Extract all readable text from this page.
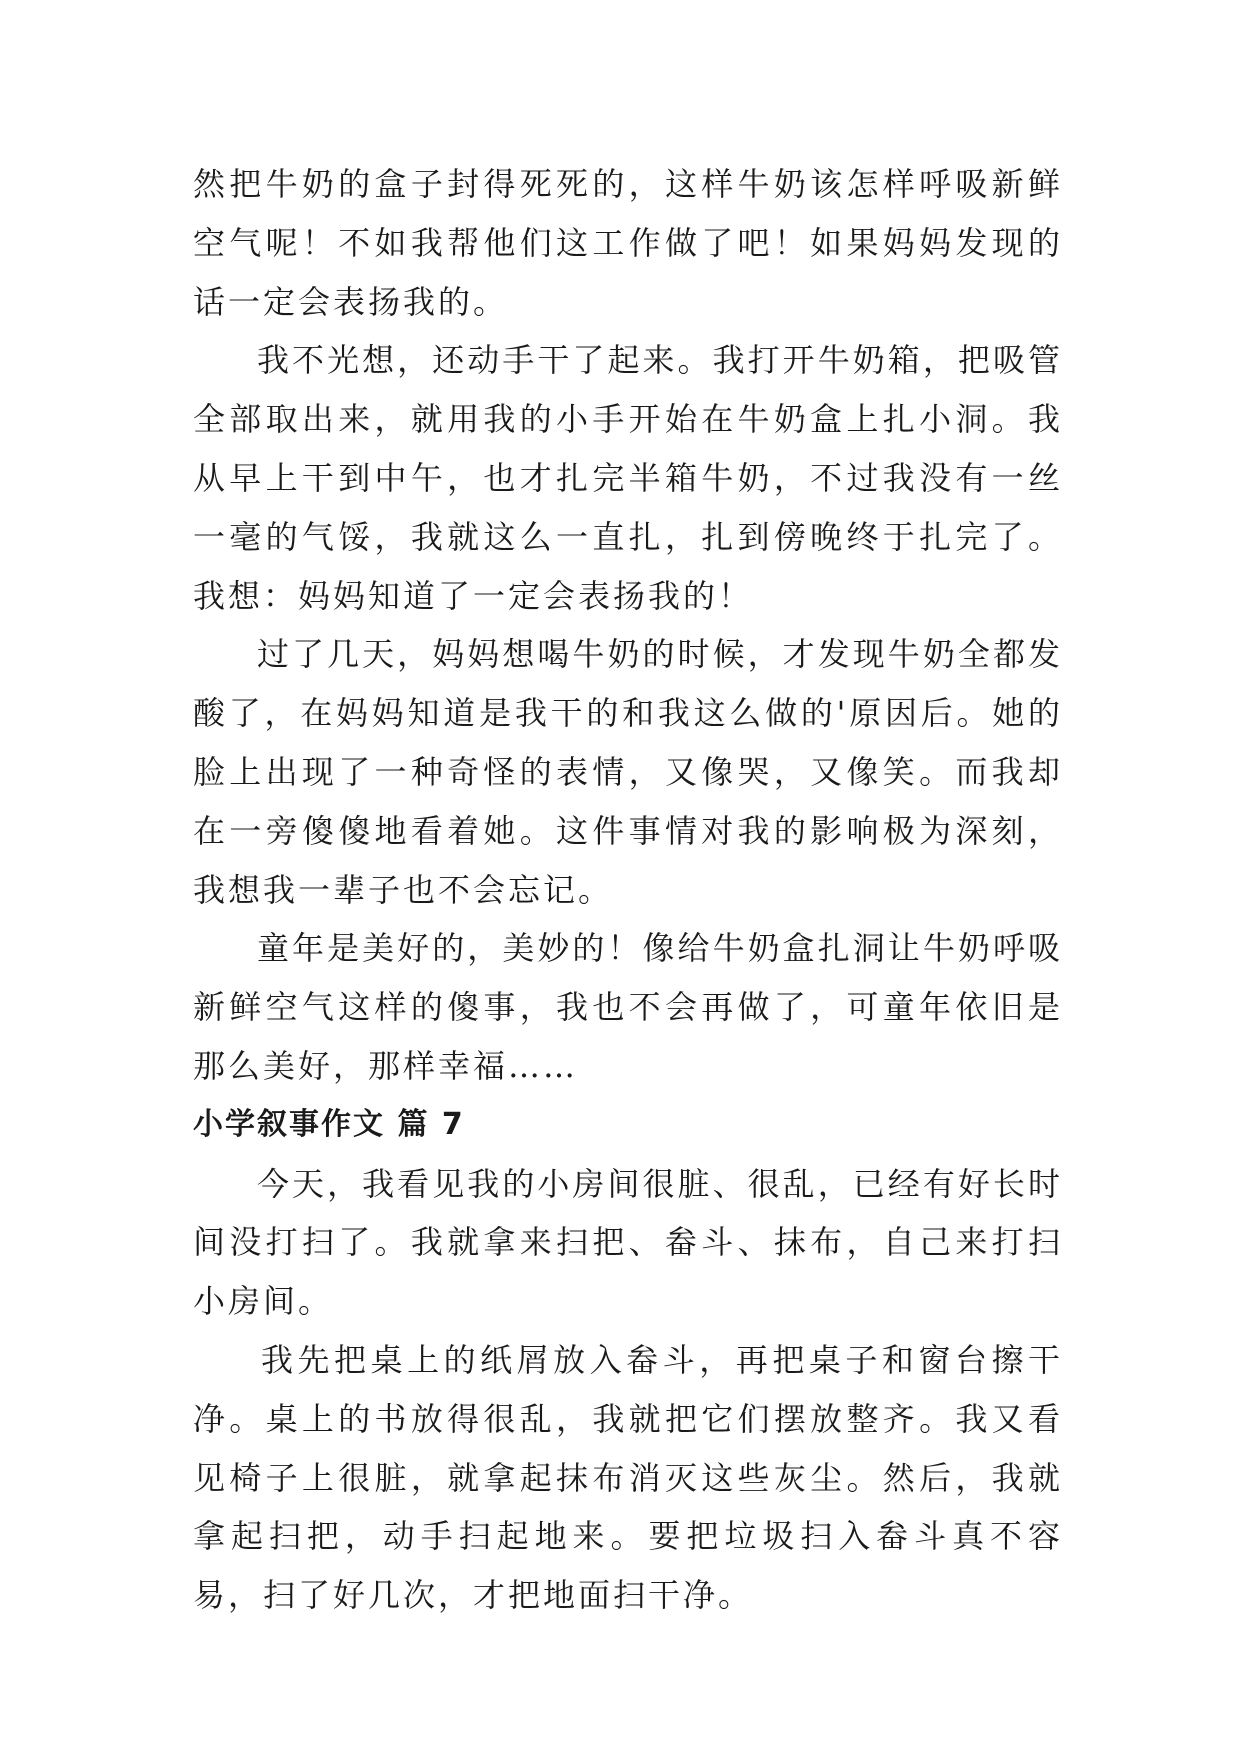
然把牛奶的盒子封得死死的，这样牛奶该怎样呼吸新鲜空气呢！不如我帮他们这工作做了吧！如果妈妈发现的话一定会表扬我的。

我不光想，还动手干了起来。我打开牛奶箱，把吸管全部取出来，就用我的小手开始在牛奶盒上扎小洞。我从早上干到中午，也才扎完半箱牛奶，不过我没有一丝一毫的气馁，我就这么一直扎，扎到傍晚终于扎完了。我想：妈妈知道了一定会表扬我的！

过了几天，妈妈想喝牛奶的时候，才发现牛奶全都发酸了，在妈妈知道是我干的和我这么做的'原因后。她的脸上出现了一种奇怪的表情，又像哭，又像笑。而我却在一旁傻傻地看着她。这件事情对我的影响极为深刻，我想我一辈子也不会忘记。

童年是美好的，美妙的！像给牛奶盒扎洞让牛奶呼吸新鲜空气这样的傻事，我也不会再做了，可童年依旧是那么美好，那样幸福……

小学叙事作文 篇 7

今天，我看见我的小房间很脏、很乱，已经有好长时间没打扫了。我就拿来扫把、畚斗、抹布，自己来打扫小房间。

我先把桌上的纸屑放入畚斗，再把桌子和窗台擦干净。桌上的书放得很乱，我就把它们摆放整齐。我又看见椅子上很脏，就拿起抹布消灭这些灰尘。然后，我就拿起扫把，动手扫起地来。要把垃圾扫入畚斗真不容易，扫了好几次，才把地面扫干净。
